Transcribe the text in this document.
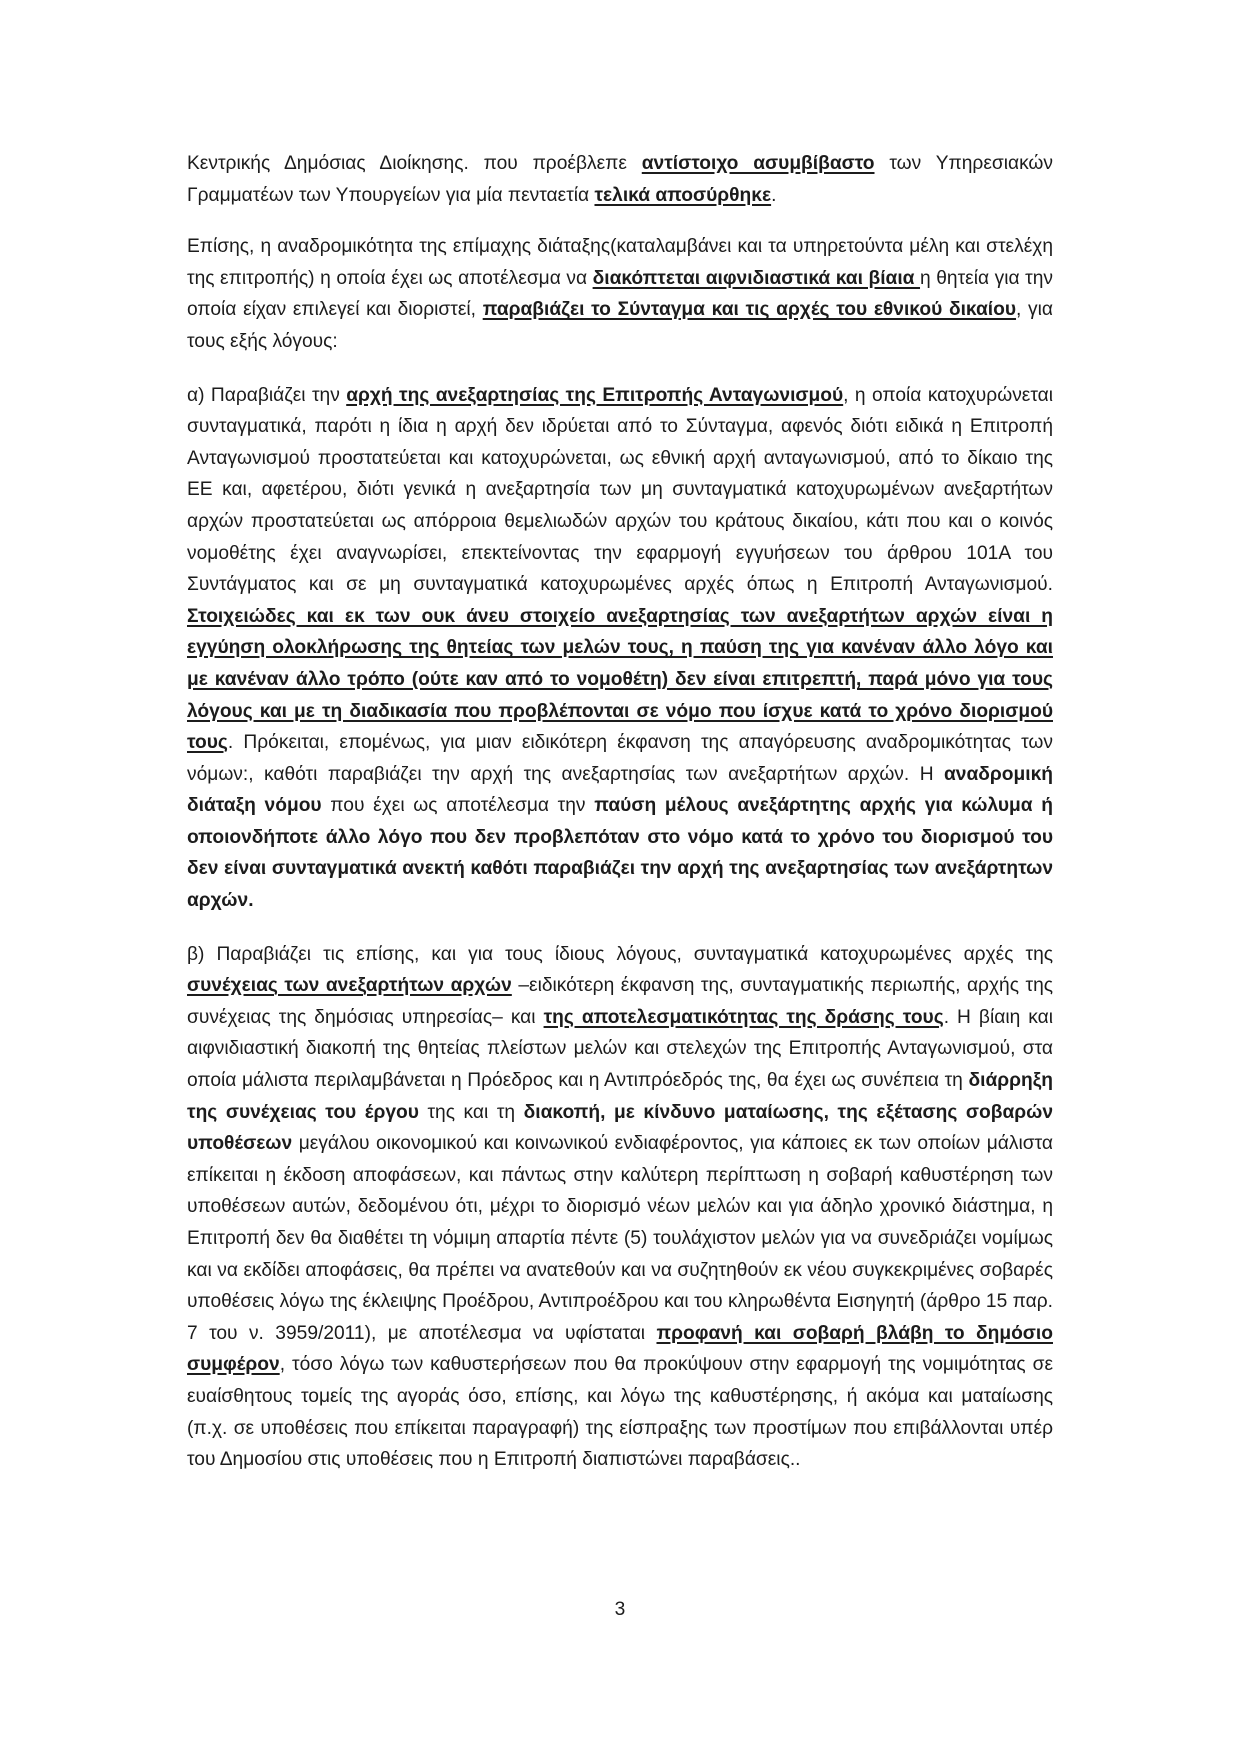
Κεντρικής Δημόσιας Διοίκησης. που προέβλεπε αντίστοιχο ασυμβίβαστο των Υπηρεσιακών Γραμματέων των Υπουργείων για μία πενταετία τελικά αποσύρθηκε.

Επίσης, η αναδρομικότητα της επίμαχης διάταξης(καταλαμβάνει και τα υπηρετούντα μέλη και στελέχη της επιτροπής) η οποία έχει ως αποτέλεσμα να διακόπτεται αιφνιδιαστικά και βίαια η θητεία για την οποία είχαν επιλεγεί και διοριστεί, παραβιάζει το Σύνταγμα και τις αρχές του εθνικού δικαίου, για τους εξής λόγους:

α) Παραβιάζει την αρχή της ανεξαρτησίας της Επιτροπής Ανταγωνισμού, η οποία κατοχυρώνεται συνταγματικά, παρότι η ίδια η αρχή δεν ιδρύεται από το Σύνταγμα, αφενός διότι ειδικά η Επιτροπή Ανταγωνισμού προστατεύεται και κατοχυρώνεται, ως εθνική αρχή ανταγωνισμού, από το δίκαιο της ΕΕ και, αφετέρου, διότι γενικά η ανεξαρτησία των μη συνταγματικά κατοχυρωμένων ανεξαρτήτων αρχών προστατεύεται ως απόρροια θεμελιωδών αρχών του κράτους δικαίου, κάτι που και ο κοινός νομοθέτης έχει αναγνωρίσει, επεκτείνοντας την εφαρμογή εγγυήσεων του άρθρου 101Α του Συντάγματος και σε μη συνταγματικά κατοχυρωμένες αρχές όπως η Επιτροπή Ανταγωνισμού. Στοιχειώδες και εκ των ουκ άνευ στοιχείο ανεξαρτησίας των ανεξαρτήτων αρχών είναι η εγγύηση ολοκλήρωσης της θητείας των μελών τους, η παύση της για κανέναν άλλο λόγο και με κανέναν άλλο τρόπο (ούτε καν από το νομοθέτη) δεν είναι επιτρεπτή, παρά μόνο για τους λόγους και με τη διαδικασία που προβλέπονται σε νόμο που ίσχυε κατά το χρόνο διορισμού τους. Πρόκειται, επομένως, για μιαν ειδικότερη έκφανση της απαγόρευσης αναδρομικότητας των νόμων:, καθότι παραβιάζει την αρχή της ανεξαρτησίας των ανεξαρτήτων αρχών. Η αναδρομική διάταξη νόμου που έχει ως αποτέλεσμα την παύση μέλους ανεξάρτητης αρχής για κώλυμα ή οποιονδήποτε άλλο λόγο που δεν προβλεπόταν στο νόμο κατά το χρόνο του διορισμού του δεν είναι συνταγματικά ανεκτή καθότι παραβιάζει την αρχή της ανεξαρτησίας των ανεξάρτητων αρχών.

β) Παραβιάζει τις επίσης, και για τους ίδιους λόγους, συνταγματικά κατοχυρωμένες αρχές της συνέχειας των ανεξαρτήτων αρχών –ειδικότερη έκφανση της, συνταγματικής περιωπής, αρχής της συνέχειας της δημόσιας υπηρεσίας– και της αποτελεσματικότητας της δράσης τους. Η βίαιη και αιφνιδιαστική διακοπή της θητείας πλείστων μελών και στελεχών της Επιτροπής Ανταγωνισμού, στα οποία μάλιστα περιλαμβάνεται η Πρόεδρος και η Αντιπρόεδρός της, θα έχει ως συνέπεια τη διάρρηξη της συνέχειας του έργου της και τη διακοπή, με κίνδυνο ματαίωσης, της εξέτασης σοβαρών υποθέσεων μεγάλου οικονομικού και κοινωνικού ενδιαφέροντος, για κάποιες εκ των οποίων μάλιστα επίκειται η έκδοση αποφάσεων, και πάντως στην καλύτερη περίπτωση η σοβαρή καθυστέρηση των υποθέσεων αυτών, δεδομένου ότι, μέχρι το διορισμό νέων μελών και για άδηλο χρονικό διάστημα, η Επιτροπή δεν θα διαθέτει τη νόμιμη απαρτία πέντε (5) τουλάχιστον μελών για να συνεδριάζει νομίμως και να εκδίδει αποφάσεις, θα πρέπει να ανατεθούν και να συζητηθούν εκ νέου συγκεκριμένες σοβαρές υποθέσεις λόγω της έκλειψης Προέδρου, Αντιπροέδρου και του κληρωθέντα Εισηγητή (άρθρο 15 παρ. 7 του ν. 3959/2011), με αποτέλεσμα να υφίσταται προφανή και σοβαρή βλάβη το δημόσιο συμφέρον, τόσο λόγω των καθυστερήσεων που θα προκύψουν στην εφαρμογή της νομιμότητας σε ευαίσθητους τομείς της αγοράς όσο, επίσης, και λόγω της καθυστέρησης, ή ακόμα και ματαίωσης (π.χ. σε υποθέσεις που επίκειται παραγραφή) της είσπραξης των προστίμων που επιβάλλονται υπέρ του Δημοσίου στις υποθέσεις που η Επιτροπή διαπιστώνει παραβάσεις..

3
